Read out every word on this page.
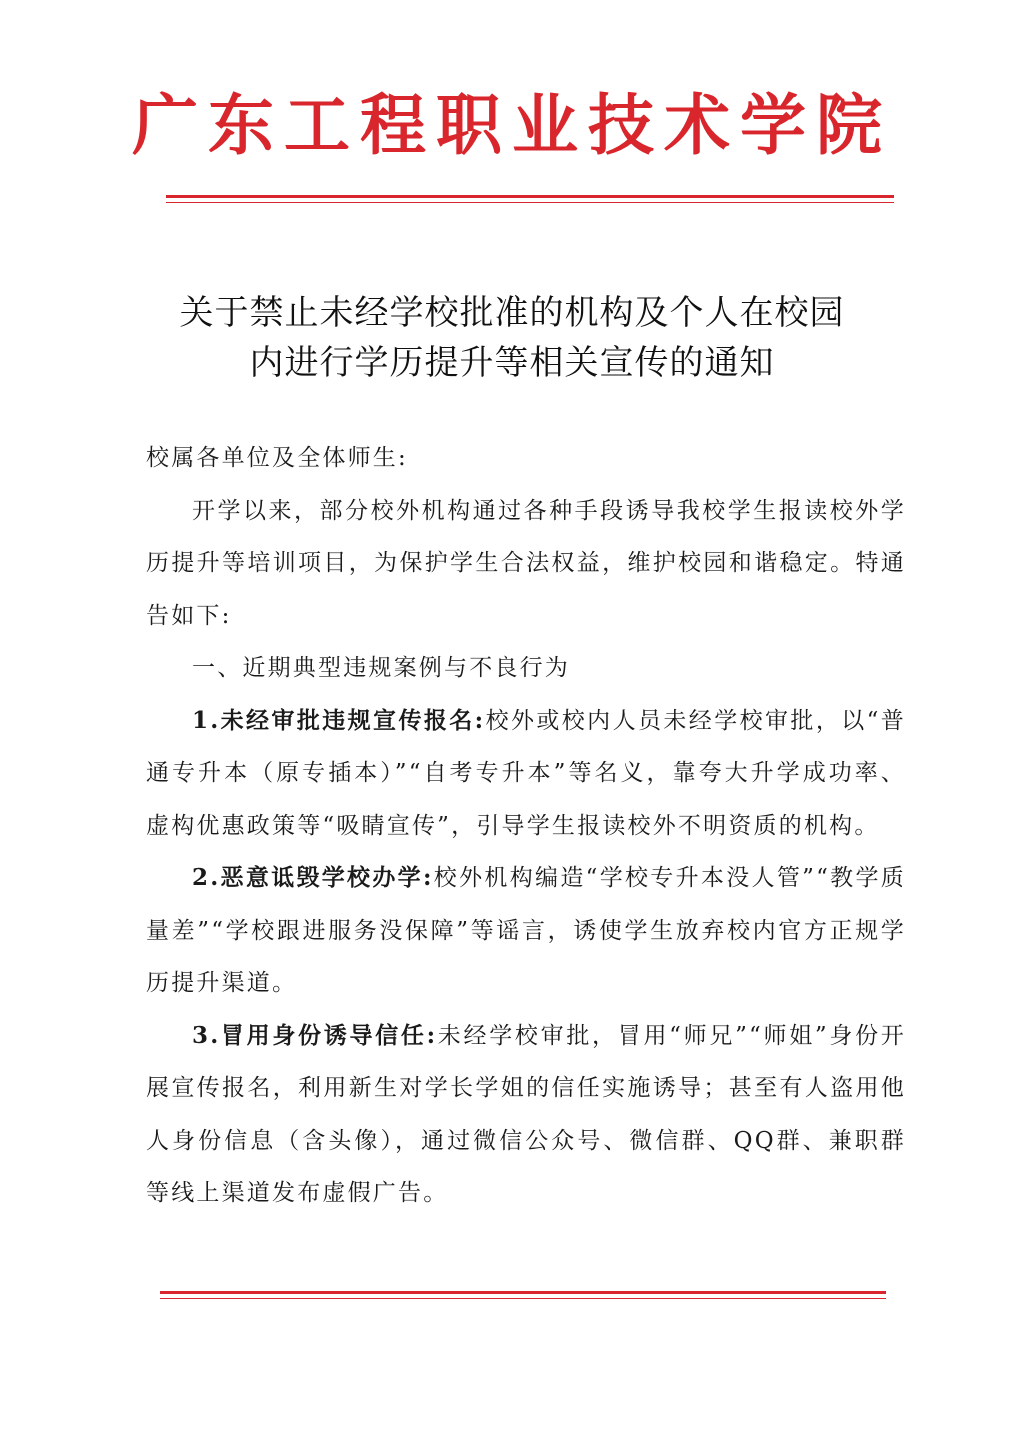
广东工程职业技术学院
关于禁止未经学校批准的机构及个人在校园
内进行学历提升等相关宣传的通知

校属各单位及全体师生:

开学以来，部分校外机构通过各种手段诱导我校学生报读校外学历提升等培训项目，为保护学生合法权益，维护校园和谐稳定。特通告如下:

一、近期典型违规案例与不良行为

1.未经审批违规宣传报名:校外或校内人员未经学校审批，以“普通专升本（原专插本）”“自考专升本”等名义，靠夸大升学成功率、虚构优惠政策等“吸睛宣传”，引导学生报读校外不明资质的机构。

2.恶意诋毁学校办学:校外机构编造“学校专升本没人管”“教学质量差”“学校跟进服务没保障”等谣言，诱使学生放弃校内官方正规学历提升渠道。

3.冒用身份诱导信任:未经学校审批，冒用“师兄”“师姐”身份开展宣传报名，利用新生对学长学姐的信任实施诱导；甚至有人盗用他人身份信息（含头像），通过微信公众号、微信群、QQ群、兼职群等线上渠道发布虚假广告。
